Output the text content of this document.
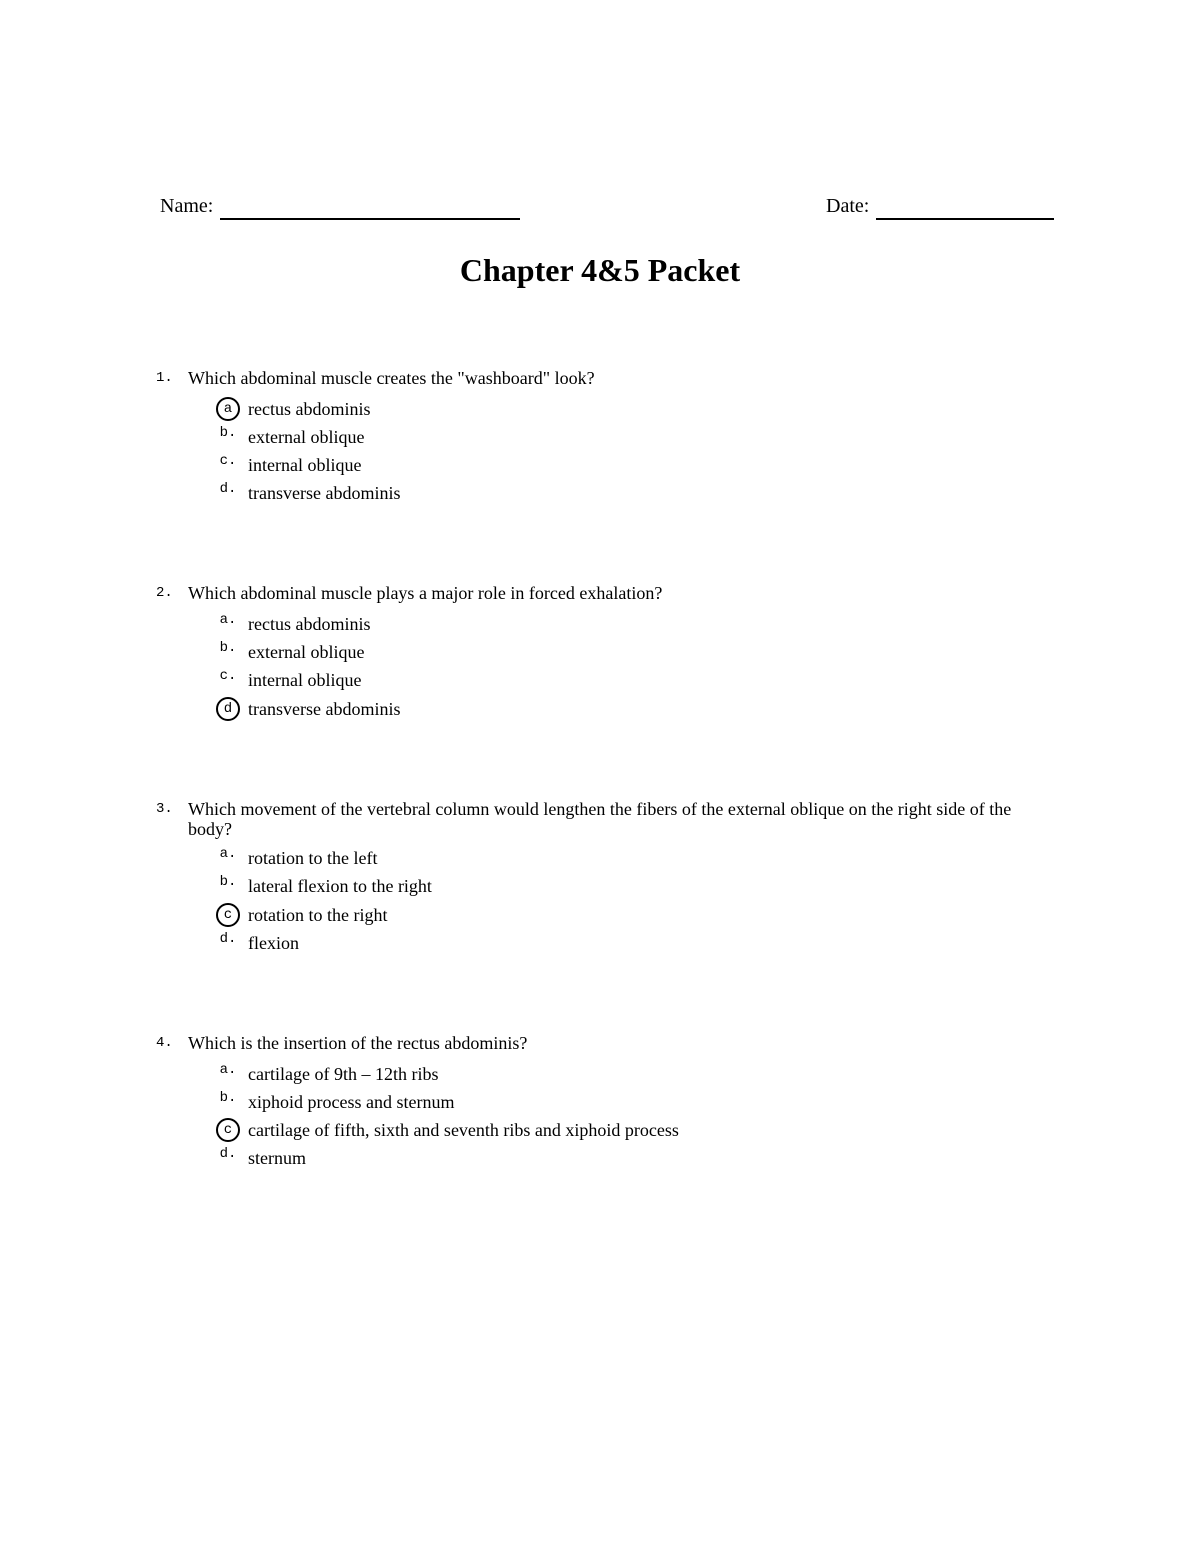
Name:	Date:
Chapter 4&5 Packet
1. Which abdominal muscle creates the "washboard" look?
a rectus abdominis
b. external oblique
c. internal oblique
d. transverse abdominis
2. Which abdominal muscle plays a major role in forced exhalation?
a. rectus abdominis
b. external oblique
c. internal oblique
d transverse abdominis
3. Which movement of the vertebral column would lengthen the fibers of the external oblique on the right side of the body?
a. rotation to the left
b. lateral flexion to the right
c rotation to the right
d. flexion
4. Which is the insertion of the rectus abdominis?
a. cartilage of 9th – 12th ribs
b. xiphoid process and sternum
c cartilage of fifth, sixth and seventh ribs and xiphoid process
d. sternum
